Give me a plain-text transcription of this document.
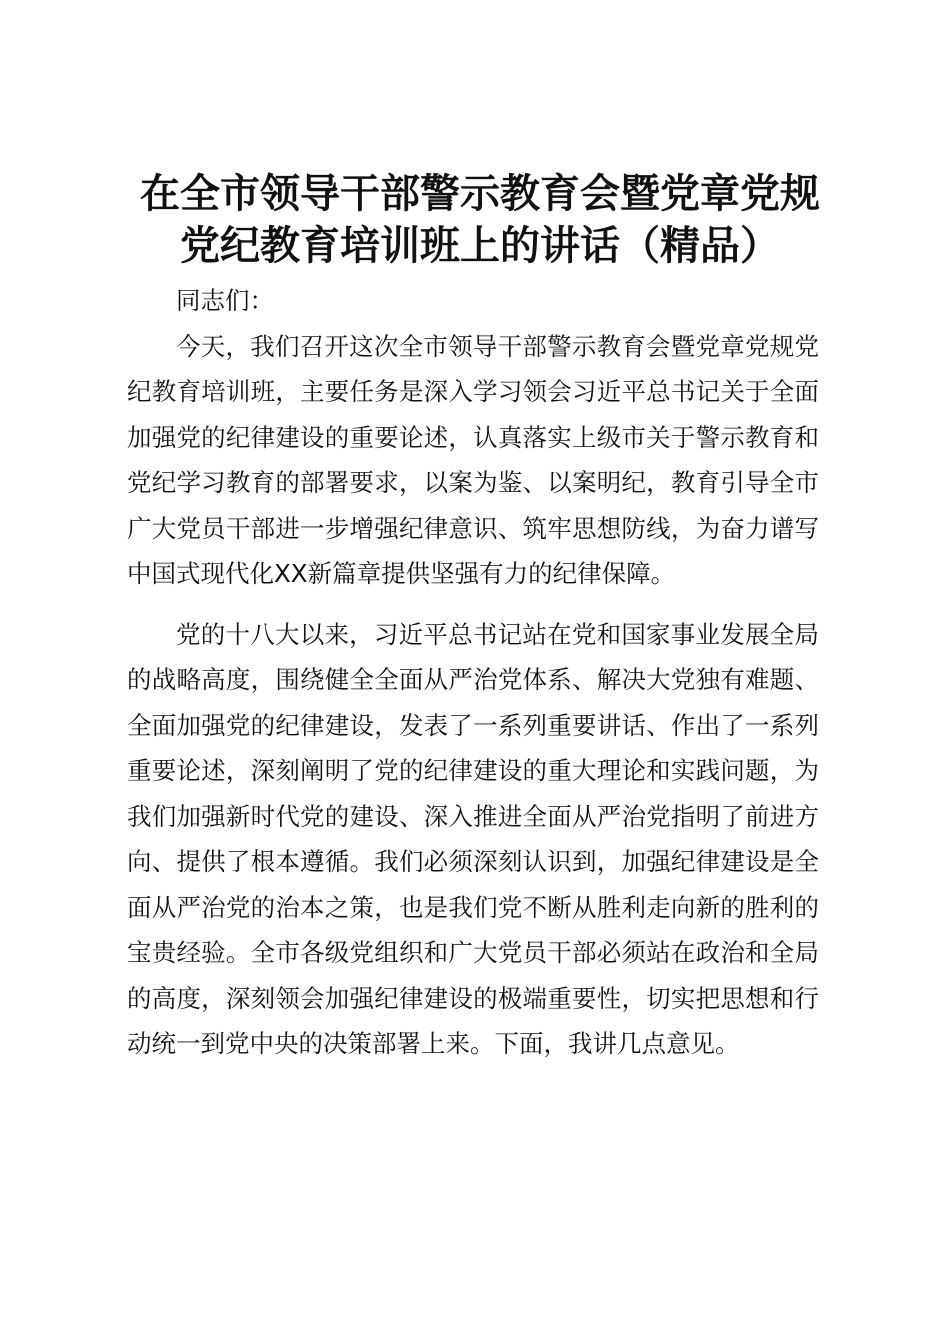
在全市领导干部警示教育会暨党章党规
党纪教育培训班上的讲话（精品）

同志们：

今天，我们召开这次全市领导干部警示教育会暨党章党规党纪教育培训班，主要任务是深入学习领会习近平总书记关于全面加强党的纪律建设的重要论述，认真落实上级市关于警示教育和党纪学习教育的部署要求，以案为鉴、以案明纪，教育引导全市广大党员干部进一步增强纪律意识、筑牢思想防线，为奋力谱写中国式现代化XX新篇章提供坚强有力的纪律保障。

党的十八大以来，习近平总书记站在党和国家事业发展全局的战略高度，围绕健全全面从严治党体系、解决大党独有难题、全面加强党的纪律建设，发表了一系列重要讲话、作出了一系列重要论述，深刻阐明了党的纪律建设的重大理论和实践问题，为我们加强新时代党的建设、深入推进全面从严治党指明了前进方向、提供了根本遵循。我们必须深刻认识到，加强纪律建设是全面从严治党的治本之策，也是我们党不断从胜利走向新的胜利的宝贵经验。全市各级党组织和广大党员干部必须站在政治和全局的高度，深刻领会加强纪律建设的极端重要性，切实把思想和行动统一到党中央的决策部署上来。下面，我讲几点意见。
